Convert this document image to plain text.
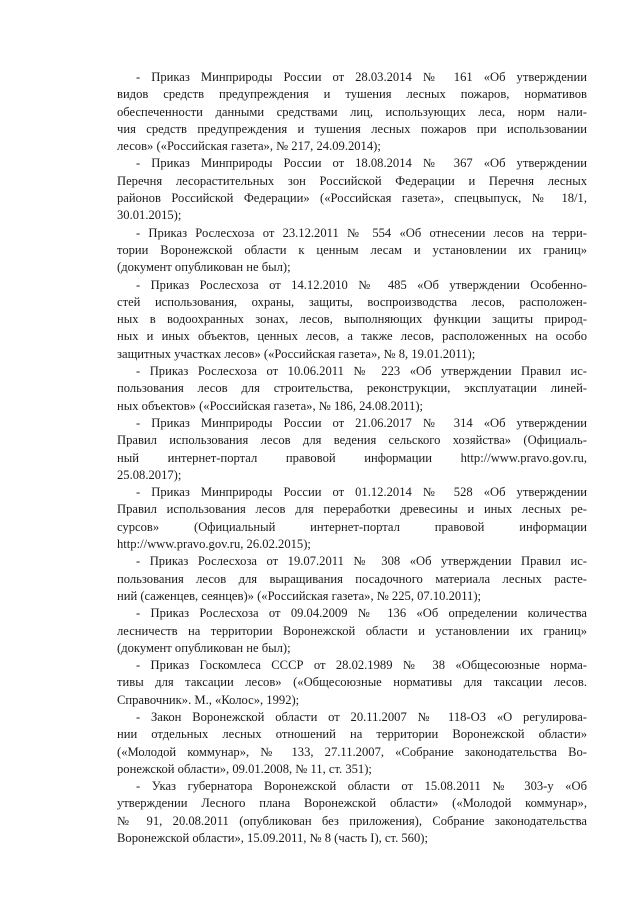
- Приказ Минприроды России от 28.03.2014 № 161 «Об утверждении
видов средств предупреждения и тушения лесных пожаров, нормативов
обеспеченности данными средствами лиц, использующих леса, норм нали-
чия средств предупреждения и тушения лесных пожаров при использовании
лесов» («Российская газета», № 217, 24.09.2014);
- Приказ Минприроды России от 18.08.2014 № 367 «Об утверждении
Перечня лесорастительных зон Российской Федерации и Перечня лесных
районов Российской Федерации» («Российская газета», спецвыпуск, № 18/1,
30.01.2015);
- Приказ Рослесхоза от 23.12.2011 № 554 «Об отнесении лесов на терри-
тории Воронежской области к ценным лесам и установлении их границ»
(документ опубликован не был);
- Приказ Рослесхоза от 14.12.2010 № 485 «Об утверждении Особенно-
стей использования, охраны, защиты, воспроизводства лесов, расположен-
ных в водоохранных зонах, лесов, выполняющих функции защиты природ-
ных и иных объектов, ценных лесов, а также лесов, расположенных на особо
защитных участках лесов» («Российская газета», № 8, 19.01.2011);
- Приказ Рослесхоза от 10.06.2011 № 223 «Об утверждении Правил ис-
пользования лесов для строительства, реконструкции, эксплуатации линей-
ных объектов» («Российская газета», № 186, 24.08.2011);
- Приказ Минприроды России от 21.06.2017 № 314 «Об утверждении
Правил использования лесов для ведения сельского хозяйства» (Официаль-
ный интернет-портал правовой информации http://www.pravo.gov.ru,
25.08.2017);
- Приказ Минприроды России от 01.12.2014 № 528 «Об утверждении
Правил использования лесов для переработки древесины и иных лесных ре-
сурсов» (Официальный интернет-портал правовой информации
http://www.pravo.gov.ru, 26.02.2015);
- Приказ Рослесхоза от 19.07.2011 № 308 «Об утверждении Правил ис-
пользования лесов для выращивания посадочного материала лесных расте-
ний (саженцев, сеянцев)» («Российская газета», № 225, 07.10.2011);
- Приказ Рослесхоза от 09.04.2009 № 136 «Об определении количества
лесничеств на территории Воронежской области и установлении их границ»
(документ опубликован не был);
- Приказ Госкомлеса СССР от 28.02.1989 № 38 «Общесоюзные норма-
тивы для таксации лесов» («Общесоюзные нормативы для таксации лесов.
Справочник». М., «Колос», 1992);
- Закон Воронежской области от 20.11.2007 № 118-ОЗ «О регулирова-
нии отдельных лесных отношений на территории Воронежской области»
(«Молодой коммунар», № 133, 27.11.2007, «Собрание законодательства Во-
ронежской области», 09.01.2008, № 11, ст. 351);
- Указ губернатора Воронежской области от 15.08.2011 № 303-у «Об
утверждении Лесного плана Воронежской области» («Молодой коммунар»,
№ 91, 20.08.2011 (опубликован без приложения), Собрание законодательства
Воронежской области», 15.09.2011, № 8 (часть I), ст. 560);
